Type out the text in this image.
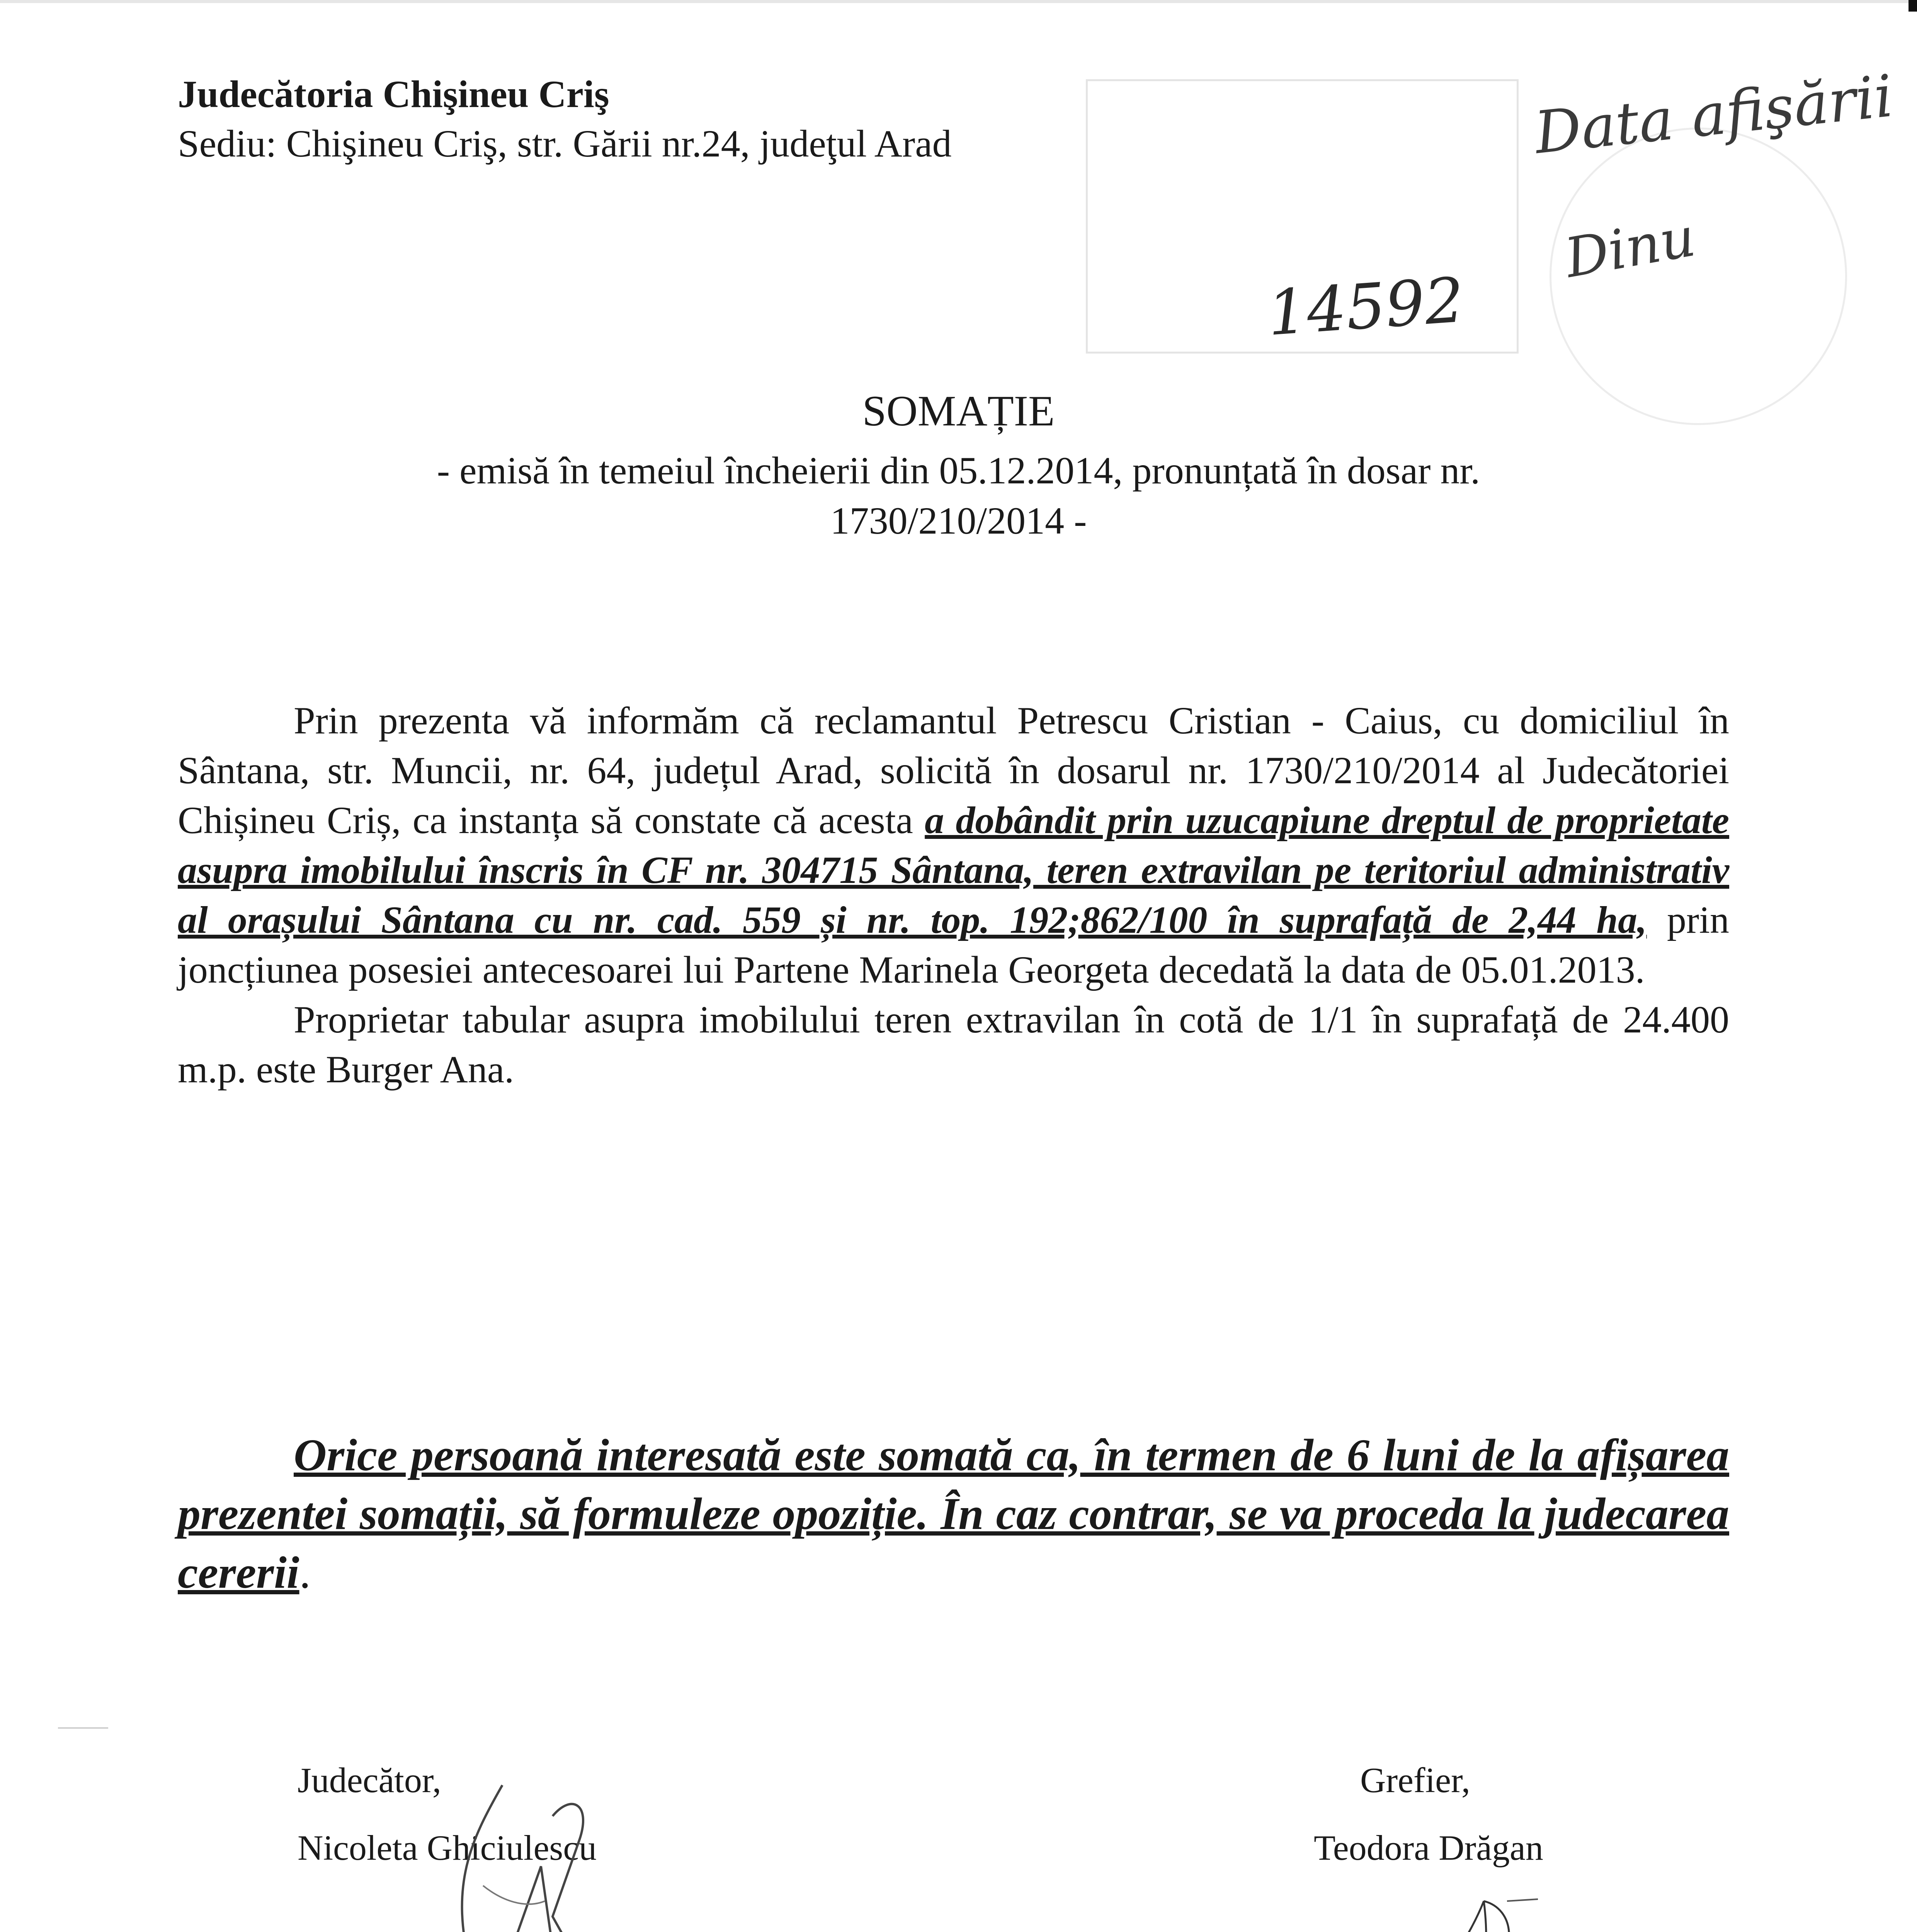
Judecătoria Chişineu Criş
Sediu: Chişineu Criş, str. Gării nr.24, judeţul Arad
14592
Data afişării
Dinu
SOMAȚIE
- emisă în temeiul încheierii din 05.12.2014, pronunțată în dosar nr.
1730/210/2014 -

Prin prezenta vă informăm că reclamantul Petrescu Cristian - Caius, cu domiciliul în Sântana, str. Muncii, nr. 64, județul Arad, solicită în dosarul nr. 1730/210/2014 al Judecătoriei Chișineu Criș, ca instanța să constate că acesta a dobândit prin uzucapiune dreptul de proprietate asupra imobilului înscris în CF nr. 304715 Sântana, teren extravilan pe teritoriul administrativ al orașului Sântana cu nr. cad. 559 și nr. top. 192;862/100 în suprafață de 2,44 ha, prin joncțiunea posesiei antecesoarei lui Partene Marinela Georgeta decedată la data de 05.01.2013.

Proprietar tabular asupra imobilului teren extravilan în cotă de 1/1 în suprafață de 24.400 m.p. este Burger Ana.

Orice persoană interesată este somată ca, în termen de 6 luni de la afișarea prezentei somații, să formuleze opoziție. În caz contrar, se va proceda la judecarea cererii.

Judecător,
Nicoleta Ghiciulescu
Grefier,
Teodora Drăgan
